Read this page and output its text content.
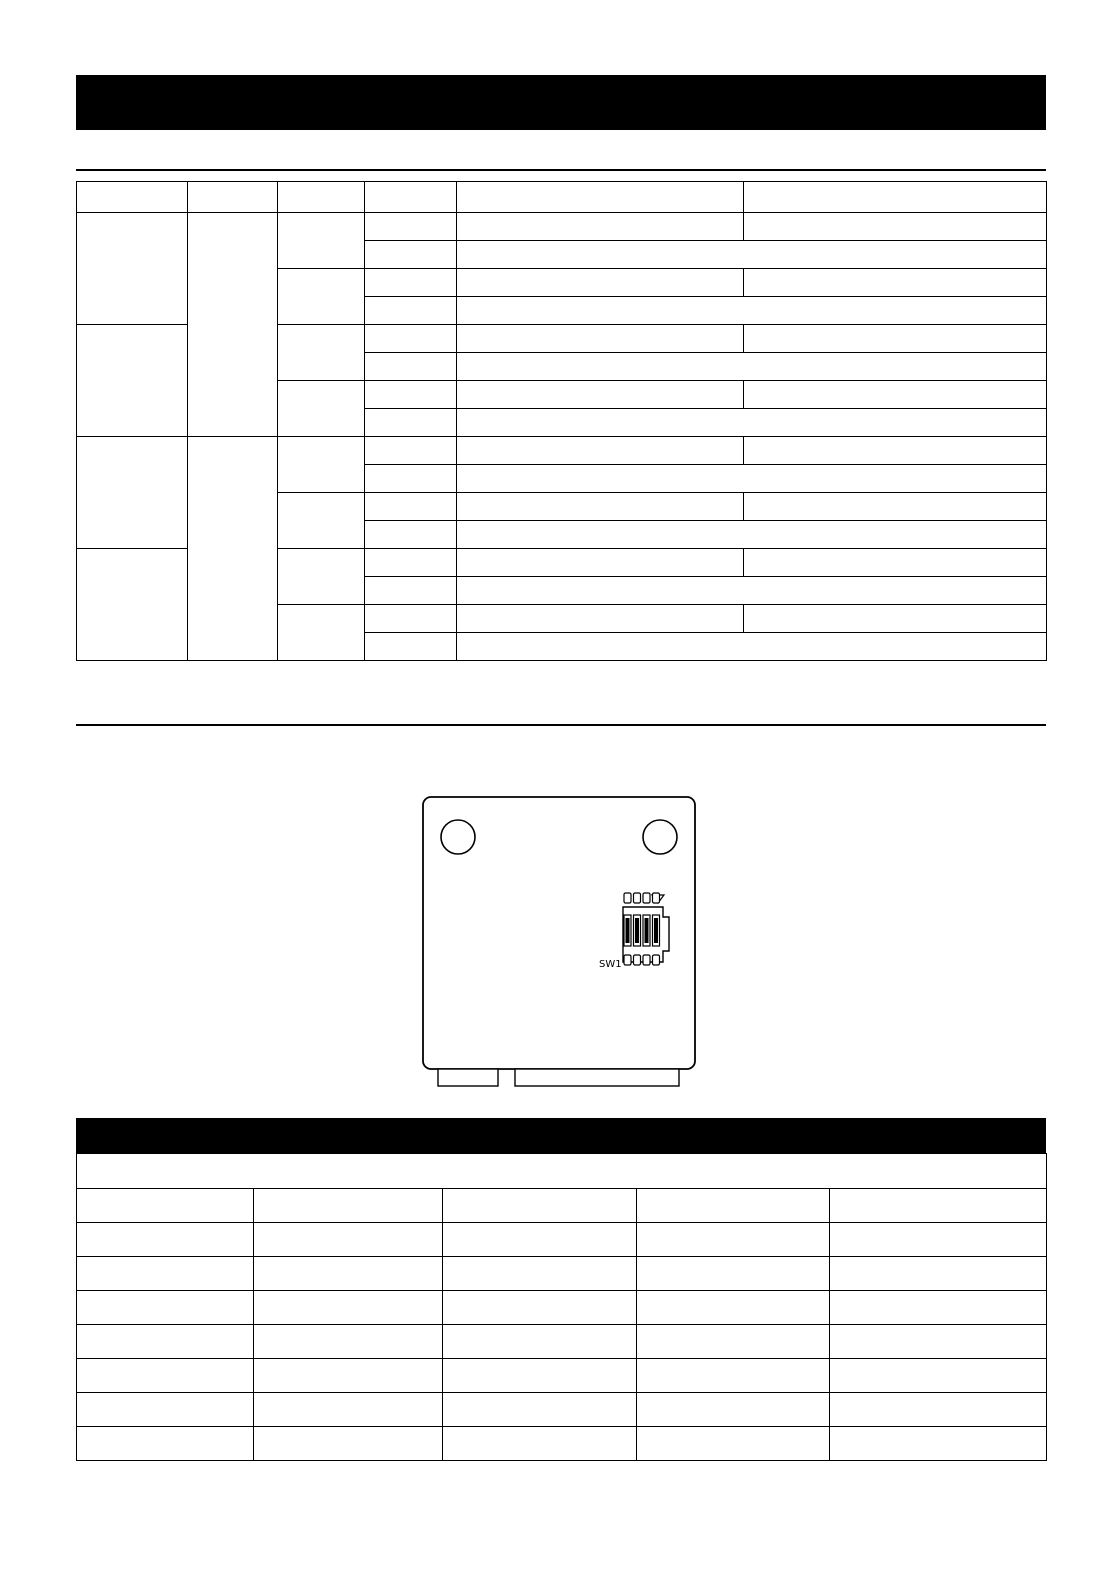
SW1
